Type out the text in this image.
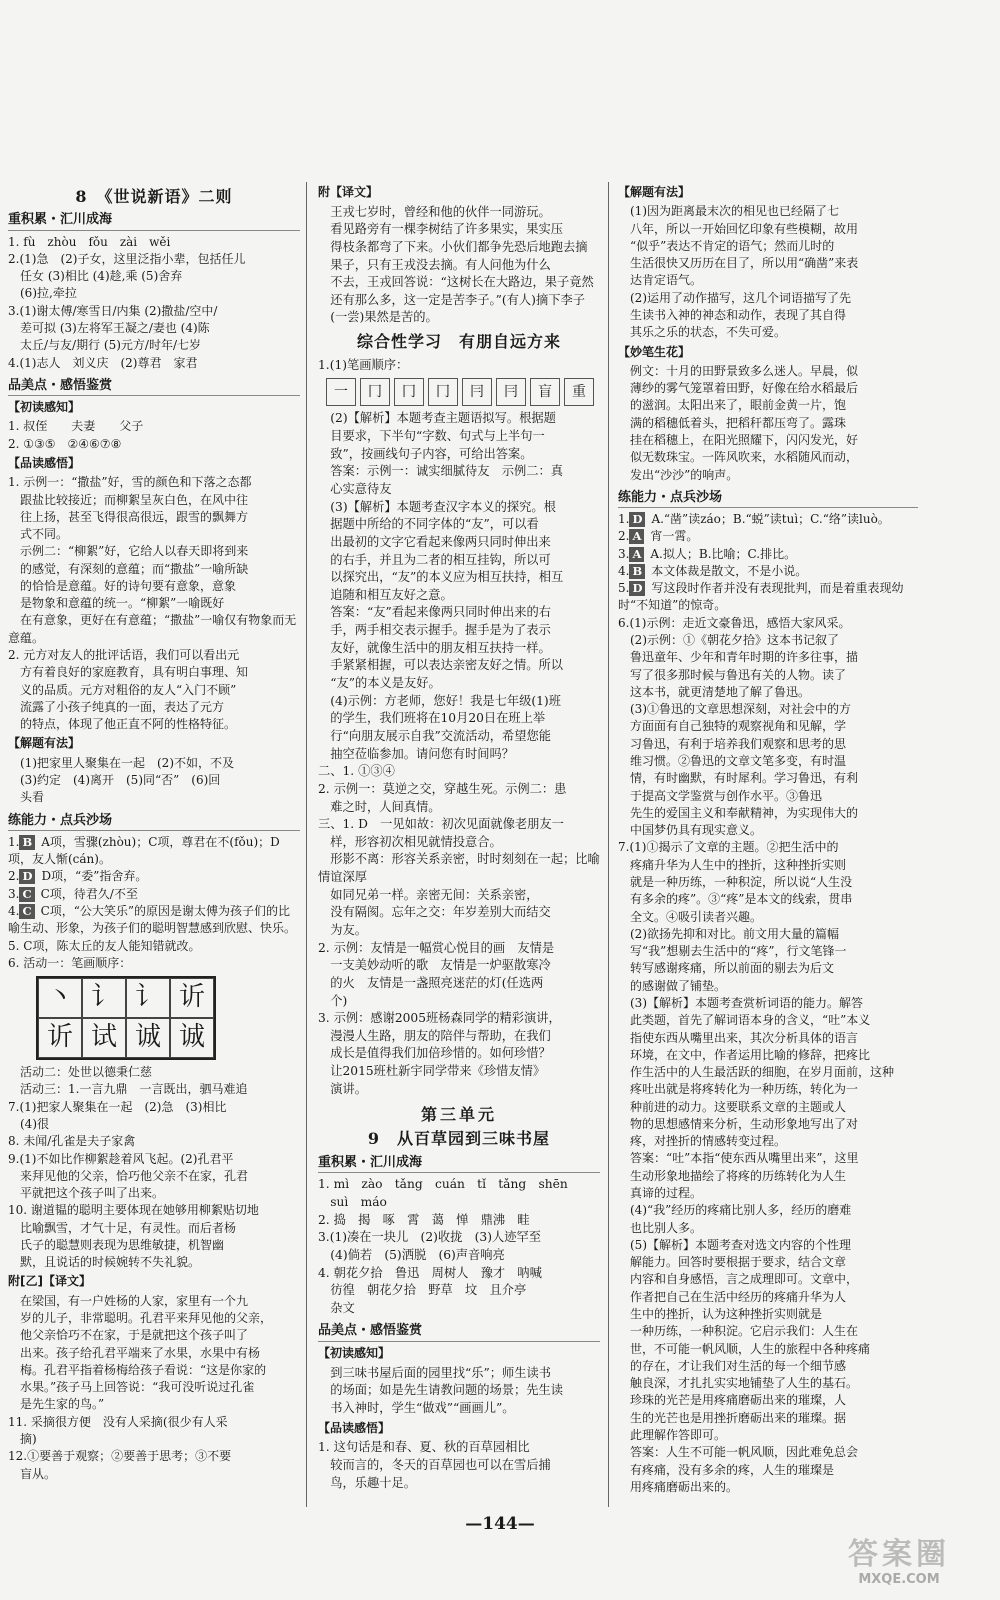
8　《世说新语》二则
重积累・汇川成海
1. fù　zhòu　fǒu　zài　wěi
2.(1)急　(2)子女，这里泛指小辈，包括任儿
　任女 (3)相比 (4)趁,乘 (5)舍弃
　(6)拉,牵拉
3.(1)谢太傅/寒雪日/内集 (2)撒盐/空中/
　差可拟 (3)左将军王凝之/妻也 (4)陈
　太丘/与友/期行 (5)元方/时年/七岁
4.(1)志人　刘义庆　(2)尊君　家君
品美点・感悟鉴赏
【初读感知】
1. 叔侄　　夫妻　　父子
2. ①③⑤　②④⑥⑦⑧
【品读感悟】
1. 示例一：“撒盐”好，雪的颜色和下落之态都
　跟盐比较接近；而柳絮呈灰白色，在风中往
　往上扬，甚至飞得很高很远，跟雪的飘舞方
　式不同。
　示例二：“柳絮”好，它给人以春天即将到来
　的感觉，有深刻的意蕴；而“撒盐”一喻所缺
　的恰恰是意蕴。好的诗句要有意象，意象
　是物象和意蕴的统一。“柳絮”一喻既好
　在有意象，更好在有意蕴；“撒盐”一喻仅有物象而无意蕴。
2. 元方对友人的批评话语，我们可以看出元
　方有着良好的家庭教育，具有明白事理、知
　义的品质。元方对粗俗的友人“入门不顾”
　流露了小孩子纯真的一面，表达了元方
　的特点，体现了他正直不阿的性格特征。
【解题有法】
　(1)把家里人聚集在一起　(2)不如，不及
　(3)约定　(4)离开　(5)同“否”　(6)回
　头看
练能力・点兵沙场
1. B A项，雪骤(zhòu)；C项，尊君在不(fǒu)；D项，友人惭(cán)。
2. D D项，“委”指舍弃。
3. C C项，待君久/不至
4. C C项，“公大笑乐”的原因是谢太傅为孩子们的比喻生动、形象，为孩子们的聪明智慧感到欣慰、快乐。
5. C项，陈太丘的友人能知错就改。
6. 活动一：笔画顺序：
丶 讠 讠 䜣
䜣 试 诚 诚
　活动二：处世以德秉仁慈
　活动三：1.一言九鼎　一言既出，驷马难追
7.(1)把家人聚集在一起　(2)急　(3)相比
　(4)很
8. 未闻/孔雀是夫子家禽
9.(1)不如比作柳絮趁着风飞起。(2)孔君平
　来拜见他的父亲，恰巧他父亲不在家，孔君
　平就把这个孩子叫了出来。
10. 谢道韫的聪明主要体现在她够用柳絮贴切地
　比喻飘雪，才气十足，有灵性。而后者杨
　氏子的聪慧则表现为思维敏捷，机智幽
　默，且说话的时候婉转不失礼貌。
附[乙]【译文】
　在梁国，有一户姓杨的人家，家里有一个九
　岁的儿子，非常聪明。孔君平来拜见他的父亲，
　他父亲恰巧不在家，于是就把这个孩子叫了
　出来。孩子给孔君平端来了水果，水果中有杨
　梅。孔君平指着杨梅给孩子看说：“这是你家的
　水果。”孩子马上回答说：“我可没听说过孔雀
　是先生家的鸟。”
11. 采摘很方便　没有人采摘(很少有人采
　摘)
12.①要善于观察；②要善于思考；③不要
　盲从。
附【译文】
　王戎七岁时，曾经和他的伙伴一同游玩。
　看见路旁有一棵李树结了许多果实，果实压
　得枝条都弯了下来。小伙们都争先恐后地跑去摘
　果子，只有王戎没去摘。有人问他为什么
　不去，王戎回答说：“这树长在大路边，果子竟然
　还有那么多，这一定是苦李子。”(有人)摘下李子
　(一尝)果然是苦的。
综合性学习　有朋自远方来
1.(1)笔画顺序：
一	冂	冂	冂	冃	冃	盲	重
　(2)【解析】本题考查主题语拟写。根据题
　目要求，下半句“字数、句式与上半句一
　致”，按画线句子内容，可给出答案。
　答案：示例一：诚实细腻待友　示例二：真
　心实意待友
　(3)【解析】本题考查汉字本义的探究。根
　据题中所给的不同字体的“友”，可以看
　出最初的文字它看起来像两只同时伸出来
　的右手，并且为二者的相互挂钩，所以可
　以探究出，“友”的本义应为相互扶持，相互
　追随和相互友好之意。
　答案：“友”看起来像两只同时伸出来的右
　手，两手相交表示握手。握手是为了表示
　友好，就像生活中的朋友相互扶持一样。
　手紧紧相握，可以表达亲密友好之情。所以
　“友”的本义是友好。
　(4)示例：方老师，您好！我是七年级(1)班
　的学生，我们班将在10月20日在班上举
　行“向朋友展示自我”交流活动，希望您能
　抽空莅临参加。请问您有时间吗？
二、1. ①③④
2. 示例一：莫逆之交，穿越生死。示例二：患
　难之时，人间真情。
三、1. D　一见如故：初次见面就像老朋友一
　样，形容初次相见就情投意合。
　形影不离：形容关系亲密，时时刻刻在一起；比喻情谊深厚
　如同兄弟一样。亲密无间：关系亲密，
　没有隔阂。忘年之交：年岁差别大而结交
　为友。
2. 示例：友情是一幅赏心悦目的画　友情是
　一支美妙动听的歌　友情是一炉驱散寒冷
　的火　友情是一盏照亮迷茫的灯(任选两
　个)
3. 示例：感谢2005班杨森同学的精彩演讲，
　漫漫人生路，朋友的陪伴与帮助，在我们
　成长是值得我们加倍珍惜的。如何珍惜？
　让2015班杜新宇同学带来《珍惜友情》
　演讲。
第三单元
9　从百草园到三味书屋
重积累・汇川成海
1. mì　zào　tǎng　cuán　tǐ　tǎng　shēn
　suì　máo
2. 捣　揭　啄　霄　蔼　惮　鼎沸　畦
3.(1)凑在一块儿　(2)收拢　(3)人迹罕至
　(4)倘若　(5)洒脱　(6)声音响亮
4. 朝花夕拾　鲁迅　周树人　豫才　呐喊
　彷徨　朝花夕拾　野草　坟　且介亭
　杂文
品美点・感悟鉴赏
【初读感知】
　到三味书屋后面的园里找“乐”；师生读书
　的场面；如是先生请教问题的场景；先生读
　书入神时，学生“做戏”“画画儿”。
【品读感悟】
1. 这句话是和春、夏、秋的百草园相比
　较而言的，冬天的百草园也可以在雪后捕
　鸟，乐趣十足。
【解题有法】
　(1)因为距离最末次的相见也已经隔了七
　八年，所以一开始回忆印象有些模糊，故用
　“似乎”表达不肯定的语气；然而儿时的
　生活很快又历历在目了，所以用“确凿”来表
　达肯定语气。
　(2)运用了动作描写，这几个词语描写了先
　生读书入神的神态和动作，表现了其自得
　其乐之乐的状态，不失可爱。
【妙笔生花】
　例文：十月的田野景致多么迷人。早晨，似
　薄纱的雾气笼罩着田野，好像在给水稻最后
　的滋润。太阳出来了，眼前金黄一片，饱
　满的稻穗低着头，把稻秆都压弯了。露珠
　挂在稻穗上，在阳光照耀下，闪闪发光，好
　似无数珠宝。一阵风吹来，水稻随风而动，
　发出“沙沙”的响声。
练能力・点兵沙场
1. D A.“凿”读záo；B.“蜕”读tuì；C.“络”读luò。
2. A 宵一霄。
3. A A.拟人；B.比喻；C.排比。
4. B 本文体裁是散文，不是小说。
5. D 写这段时作者并没有表现批判，而是着重表现幼时“不知道”的惊奇。
6.(1)示例：走近文豪鲁迅，感悟大家风采。
　(2)示例：①《朝花夕拾》这本书记叙了
　鲁迅童年、少年和青年时期的许多往事，描
　写了很多那时候与鲁迅有关的人物。读了
　这本书，就更清楚地了解了鲁迅。
　(3)①鲁迅的文章思想深刻，对社会中的方
　方面面有自己独特的观察视角和见解，学
　习鲁迅，有利于培养我们观察和思考的思
　维习惯。②鲁迅的文章文笔多变，有时温
　情，有时幽默，有时犀利。学习鲁迅，有利
　于提高文学鉴赏与创作水平。③鲁迅
　先生的爱国主义和奉献精神，为实现伟大的
　中国梦仍具有现实意义。
7.(1)①揭示了文章的主题。②把生活中的
　疼痛升华为人生中的挫折，这种挫折实则
　就是一种历练，一种积淀，所以说“人生没
　有多余的疼”。③“疼”是本文的线索，贯串
　全文。④吸引读者兴趣。
　(2)欲扬先抑和对比。前文用大量的篇幅
　写“我”想剔去生活中的“疼”，行文笔锋一
　转写感谢疼痛，所以前面的剔去为后文
　的感谢做了铺垫。
　(3)【解析】本题考查赏析词语的能力。解答
　此类题，首先了解词语本身的含义，“吐”本义
　指使东西从嘴里出来，其次分析具体的语言
　环境，在文中，作者运用比喻的修辞，把疼比
　作生活中的人生最活跃的细胞，在岁月面前，这种
　疼吐出就是将疼转化为一种历练，转化为一
　种前进的动力。这要联系文章的主题或人
　物的思想感情来分析，生动形象地写出了对
　疼，对挫折的情感转变过程。
　答案：“吐”本指“使东西从嘴里出来”，这里
　生动形象地描绘了将疼的历练转化为人生
　真谛的过程。
　(4)“我”经历的疼痛比别人多，经历的磨难
　也比别人多。
　(5)【解析】本题考查对选文内容的个性理
　解能力。回答时要根据于要求，结合文章
　内容和自身感悟，言之成理即可。文章中，
　作者把自己在生活中经历的疼痛升华为人
　生中的挫折，认为这种挫折实则就是
　一种历练，一种积淀。它启示我们：人生在
　世，不可能一帆风顺，人生的旅程中各种疼痛
　的存在，才让我们对生活的每一个细节感
　触良深，才扎扎实实地铺垫了人生的基石。
　珍珠的光芒是用疼痛磨砺出来的璀璨，人
　生的光芒也是用挫折磨砺出来的璀璨。据
　此理解作答即可。
　答案：人生不可能一帆风顺，因此难免总会
　有疼痛，没有多余的疼，人生的璀璨是
　用疼痛磨砺出来的。
—144—
答案圈
MXQE.COM
